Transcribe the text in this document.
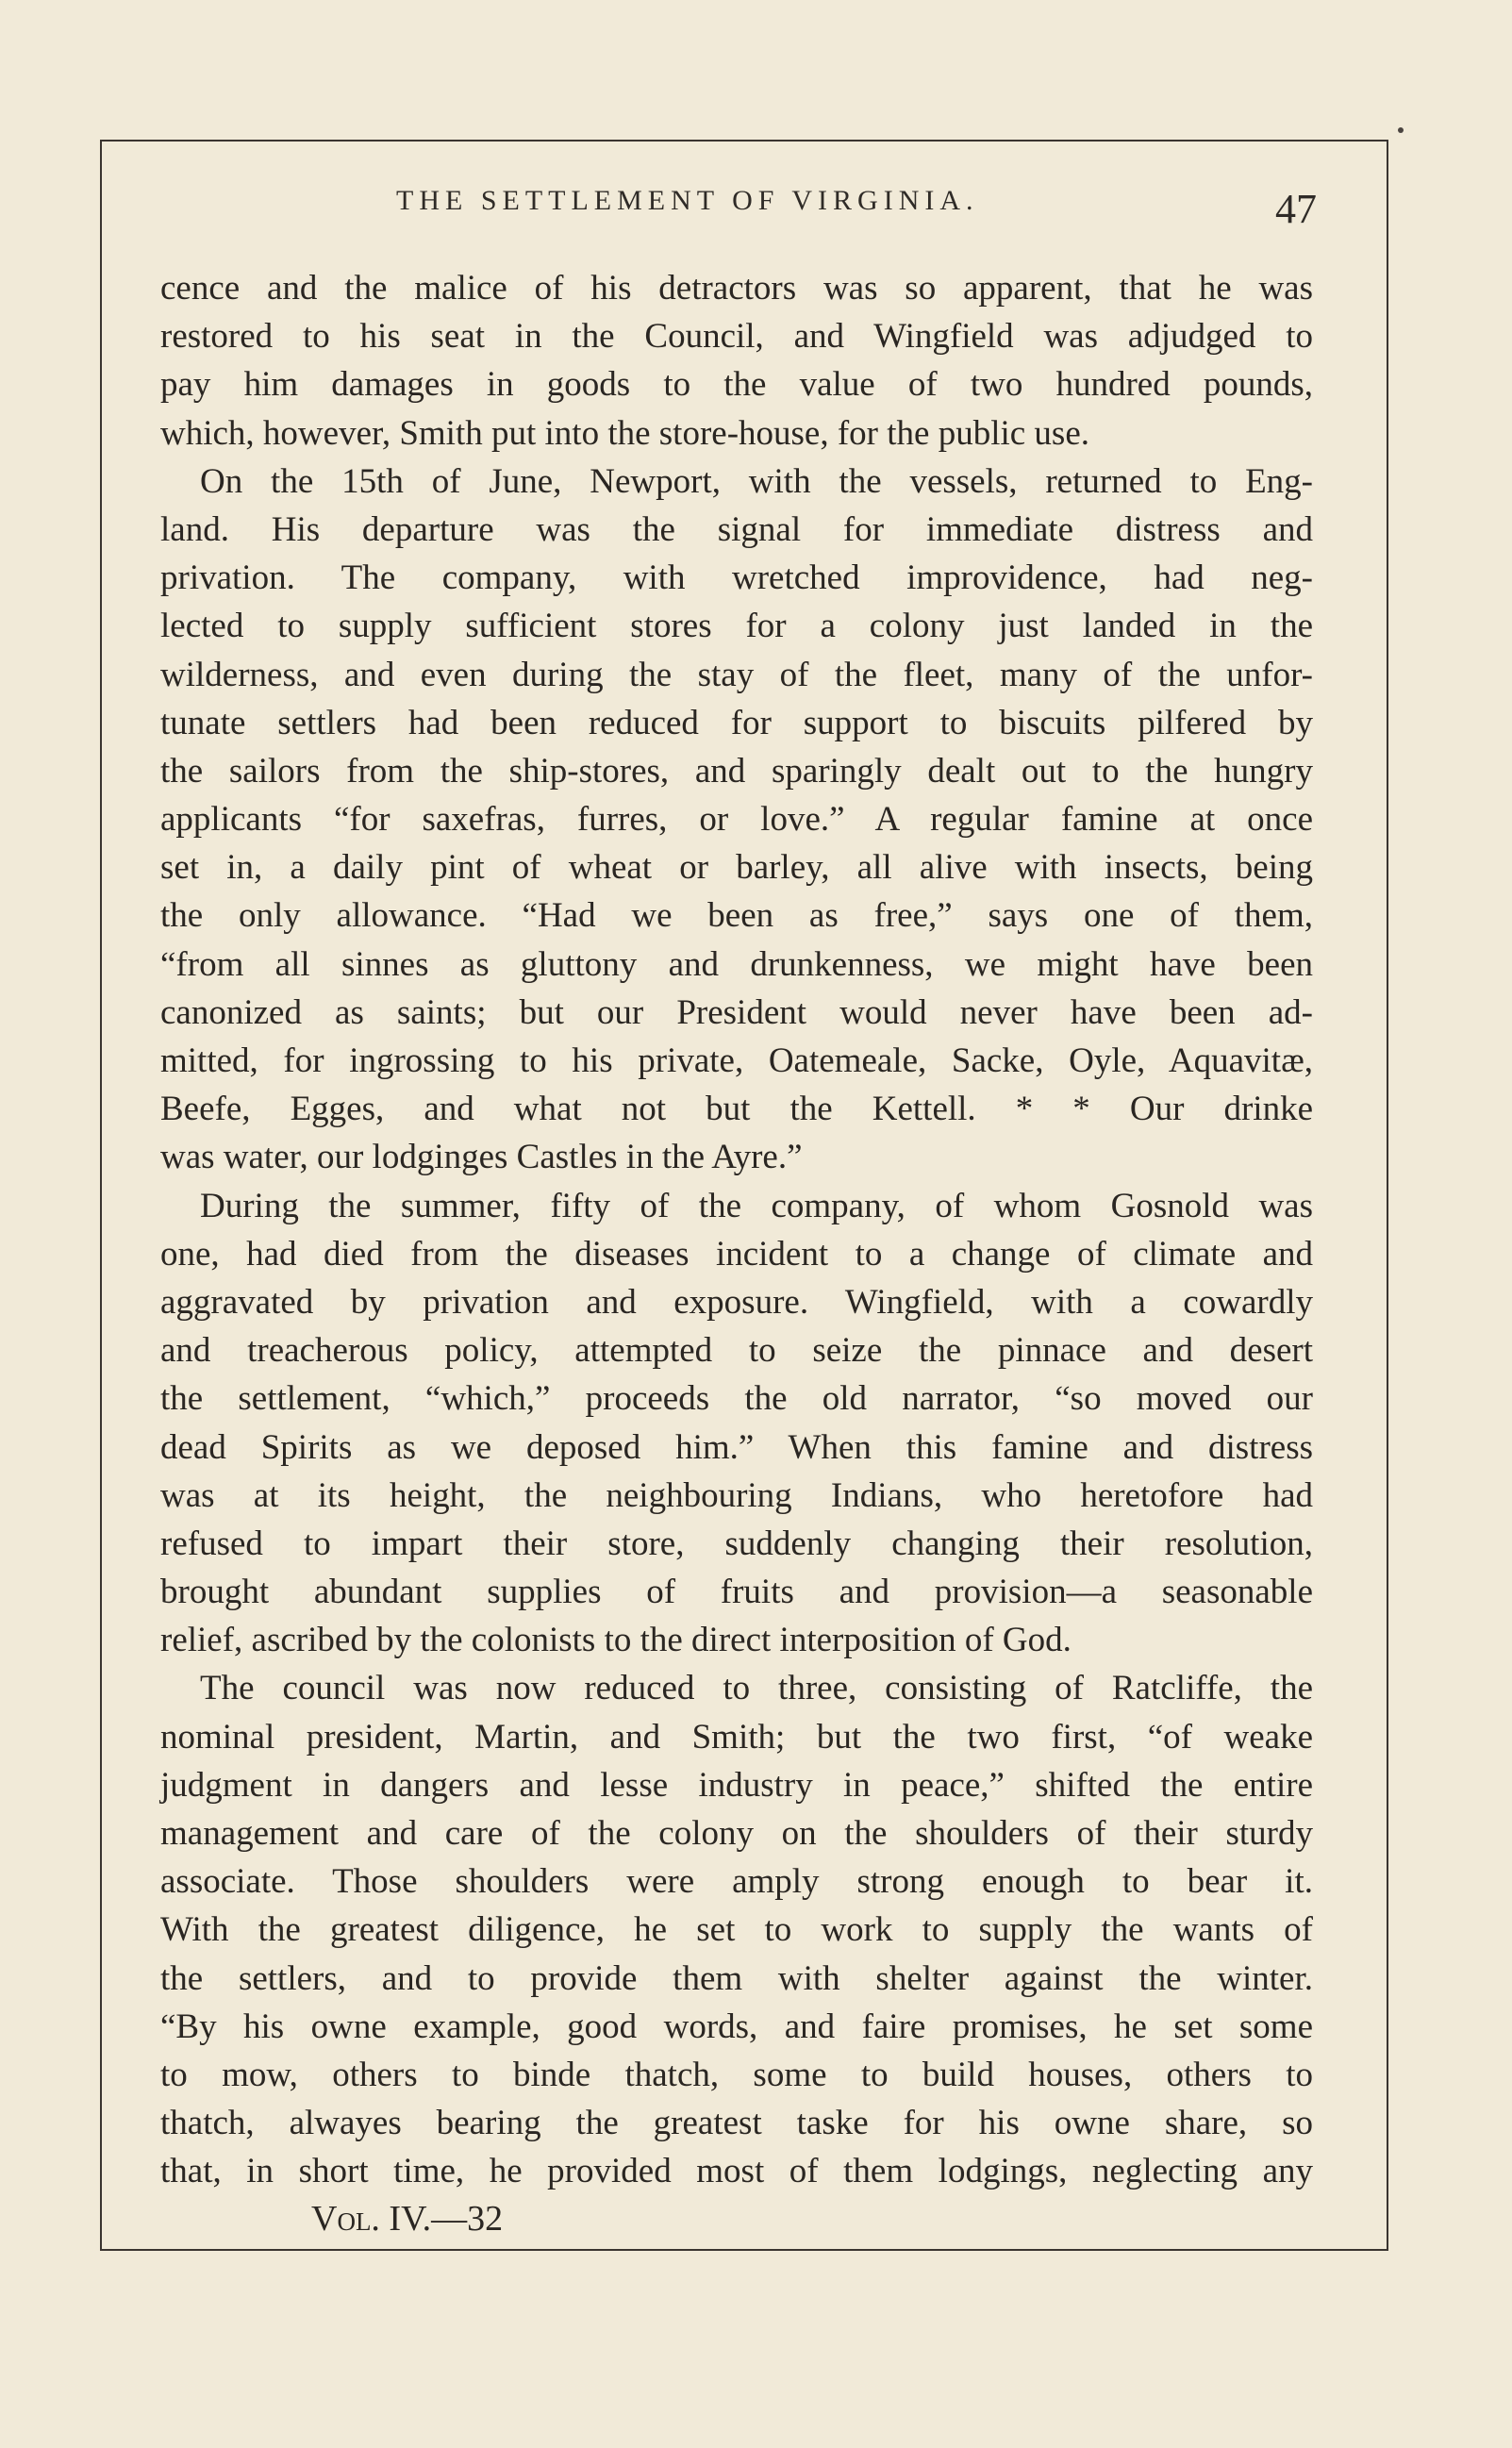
THE SETTLEMENT OF VIRGINIA.	47
cence and the malice of his detractors was so apparent, that he was
restored to his seat in the Council, and Wingfield was adjudged to
pay him damages in goods to the value of two hundred pounds,
which, however, Smith put into the store-house, for the public use.
On the 15th of June, Newport, with the vessels, returned to Eng-
land. His departure was the signal for immediate distress and
privation. The company, with wretched improvidence, had neg-
lected to supply sufficient stores for a colony just landed in the
wilderness, and even during the stay of the fleet, many of the unfor-
tunate settlers had been reduced for support to biscuits pilfered by
the sailors from the ship-stores, and sparingly dealt out to the hungry
applicants “for saxefras, furres, or love.” A regular famine at once
set in, a daily pint of wheat or barley, all alive with insects, being
the only allowance. “Had we been as free,” says one of them,
“from all sinnes as gluttony and drunkenness, we might have been
canonized as saints; but our President would never have been ad-
mitted, for ingrossing to his private, Oatemeale, Sacke, Oyle, Aquavitæ,
Beefe, Egges, and what not but the Kettell. * * Our drinke
was water, our lodginges Castles in the Ayre.”
During the summer, fifty of the company, of whom Gosnold was
one, had died from the diseases incident to a change of climate and
aggravated by privation and exposure. Wingfield, with a cowardly
and treacherous policy, attempted to seize the pinnace and desert
the settlement, “which,” proceeds the old narrator, “so moved our
dead Spirits as we deposed him.” When this famine and distress
was at its height, the neighbouring Indians, who heretofore had
refused to impart their store, suddenly changing their resolution,
brought abundant supplies of fruits and provision—a seasonable
relief, ascribed by the colonists to the direct interposition of God.
The council was now reduced to three, consisting of Ratcliffe, the
nominal president, Martin, and Smith; but the two first, “of weake
judgment in dangers and lesse industry in peace,” shifted the entire
management and care of the colony on the shoulders of their sturdy
associate. Those shoulders were amply strong enough to bear it.
With the greatest diligence, he set to work to supply the wants of
the settlers, and to provide them with shelter against the winter.
“By his owne example, good words, and faire promises, he set some
to mow, others to binde thatch, some to build houses, others to
thatch, alwayes bearing the greatest taske for his owne share, so
that, in short time, he provided most of them lodgings, neglecting any
Vol. IV.—32
